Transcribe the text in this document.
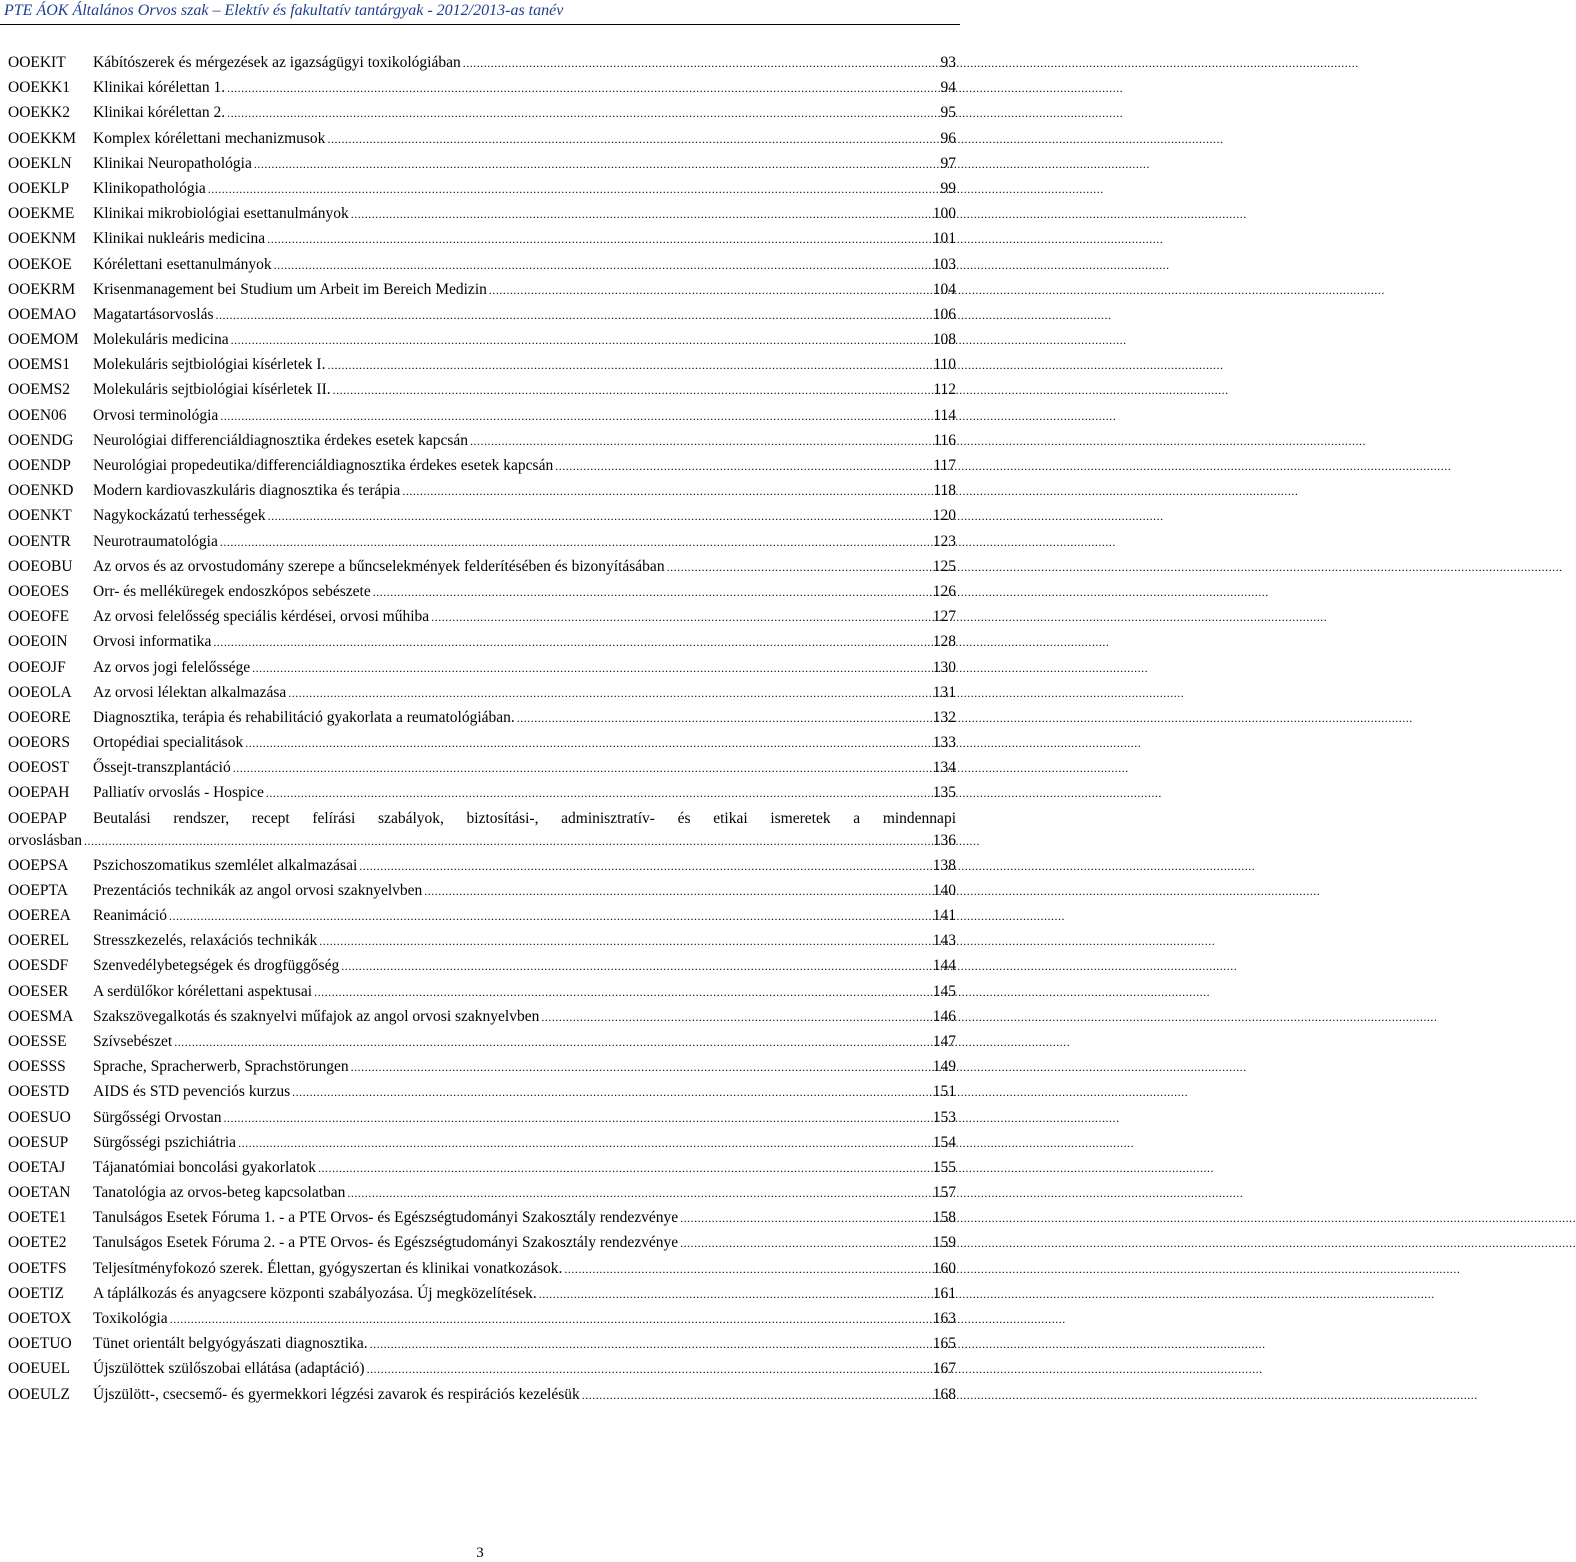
PTE ÁOK Általános Orvos szak – Elektív és fakultatív tantárgyak - 2012/2013-as tanév
OOEKIT Kábítószerek és mérgezések az igazságügyi toxikológiában .....	93
OOEKK1 Klinikai kórélettan 1. .....	94
OOEKK2 Klinikai kórélettan 2. .....	95
OOEKKM Komplex kórélettani mechanizmusok .....	96
OOEKLN Klinikai Neuropathológia .....	97
OOEKLP Klinikopathológia .....	99
OOEKME Klinikai mikrobiológiai esettanulmányok .....	100
OOEKNM Klinikai nukleáris medicina .....	101
OOEKOE Kórélettani esettanulmányok .....	103
OOEKRM Krisenmanagement bei Studium um Arbeit im Bereich Medizin .....	104
OOEMAO Magatartásorvoslás .....	106
OOEMOM Molekuláris medicina .....	108
OOEMS1 Molekuláris sejtbiológiai kísérletek I. .....	110
OOEMS2 Molekuláris sejtbiológiai kísérletek II. .....	112
OOEN06 Orvosi terminológia .....	114
OOENDG Neurológiai differenciáldiagnosztika érdekes esetek kapcsán .....	116
OOENDP Neurológiai propedeutika/differenciáldiagnosztika érdekes esetek kapcsán .....	117
OOENKD Modern kardiovaszkuláris diagnosztika és terápia .....	118
OOENKT Nagykockázatú terhességek .....	120
OOENTR Neurotraumatológia .....	123
OOEOBU Az orvos és az orvostudomány szerepe a bűncselekmények felderítésében és bizonyításában .....	125
OOEOES Orr- és melléküregek endoszkópos sebészete .....	126
OOEOFE Az orvosi felelősség speciális kérdései, orvosi műhiba .....	127
OOEOIN Orvosi informatika .....	128
OOEOJF Az orvos jogi felelőssége .....	130
OOEOLA Az orvosi lélektan alkalmazása .....	131
OOEORE Diagnosztika, terápia és rehabilitáció gyakorlata a reumatológiában. .....	132
OOEORS Ortopédiai specialitások .....	133
OOEOST Őssejt-transzplantáció .....	134
OOEPAH Palliatív orvoslás - Hospice .....	135
OOEPAP Beutalási rendszer, recept felírási szabályok, biztosítási-, adminisztratív- és etikai ismeretek a mindennapi
orvoslásban .....	136
OOEPSA Pszichoszomatikus szemlélet alkalmazásai .....	138
OOEPTA Prezentációs technikák az angol orvosi szaknyelvben .....	140
OOEREA Reanimáció .....	141
OOEREL Stresszkezelés, relaxációs technikák .....	143
OOESDF Szenvedélybetegségek és drogfüggőség .....	144
OOESER A serdülőkor kórélettani aspektusai .....	145
OOESMA Szakszövegalkotás és szaknyelvi műfajok az angol orvosi szaknyelvben .....	146
OOESSE Szívsebészet .....	147
OOESSS Sprache, Spracherwerb, Sprachstörungen .....	149
OOESTD AIDS és STD pevenciós kurzus .....	151
OOESUO Sürgősségi Orvostan .....	153
OOESUP Sürgősségi pszichiátria .....	154
OOETAJ Tájanatómiai boncolási gyakorlatok .....	155
OOETAN Tanatológia az orvos-beteg kapcsolatban .....	157
OOETE1 Tanulságos Esetek Fóruma 1. - a PTE Orvos- és Egészségtudományi Szakosztály rendezvénye .....	158
OOETE2 Tanulságos Esetek Fóruma 2. - a PTE Orvos- és Egészségtudományi Szakosztály rendezvénye .....	159
OOETFS Teljesítményfokozó szerek. Élettan, gyógyszertan és klinikai vonatkozások. .....	160
OOETIZ A táplálkozás és anyagcsere központi szabályozása. Új megközelítések. .....	161
OOETOX Toxikológia .....	163
OOETUO Tünet orientált belgyógyászati diagnosztika. .....	165
OOEUEL Újszülöttek szülőszobai ellátása (adaptáció) .....	167
OOEULZ Újszülött-, csecsemő- és gyermekkori légzési zavarok és respirációs kezelésük .....	168
3
